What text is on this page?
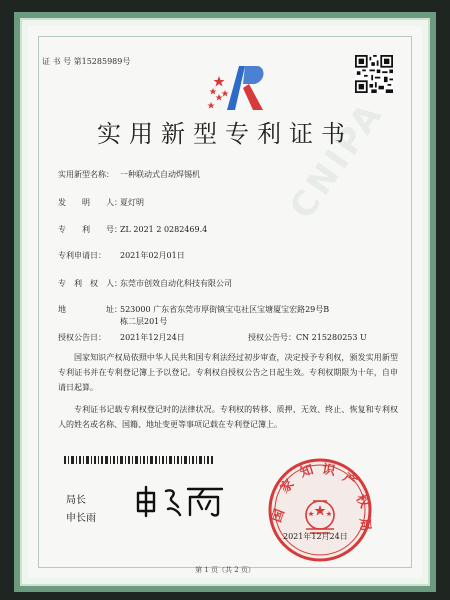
CNIPA
证 书 号 第15285989号
实用新型专利证书
实用新型名称： 一种联动式自动焊锡机
发　　明　　人：夏灯明
专　　利　　号：ZL 2021 2 0282469.4
专利申请日： 2021年02月01日
专　利　权　人：东莞市创效自动化科技有限公司
地　　　　　址：523000 广东省东莞市厚街镇宝屯社区宝塘厦宝宏路29号B
栋二层201号
授权公告日： 2021年12月24日	授权公告号：CN 215280253 U
国家知识产权局依照中华人民共和国专利法经过初步审查，决定授予专利权，颁发实用新型专利证书并在专利登记簿上予以登记。专利权自授权公告之日起生效。专利权期限为十年，自申请日起算。
专利证书记载专利权登记时的法律状况。专利权的转移、质押、无效、终止、恢复和专利权人的姓名或名称、国籍、地址变更等事项记载在专利登记簿上。
局长
申长雨	国
家
知 识 产
权
局
2021年12月24日
第 1 页（共 2 页）
